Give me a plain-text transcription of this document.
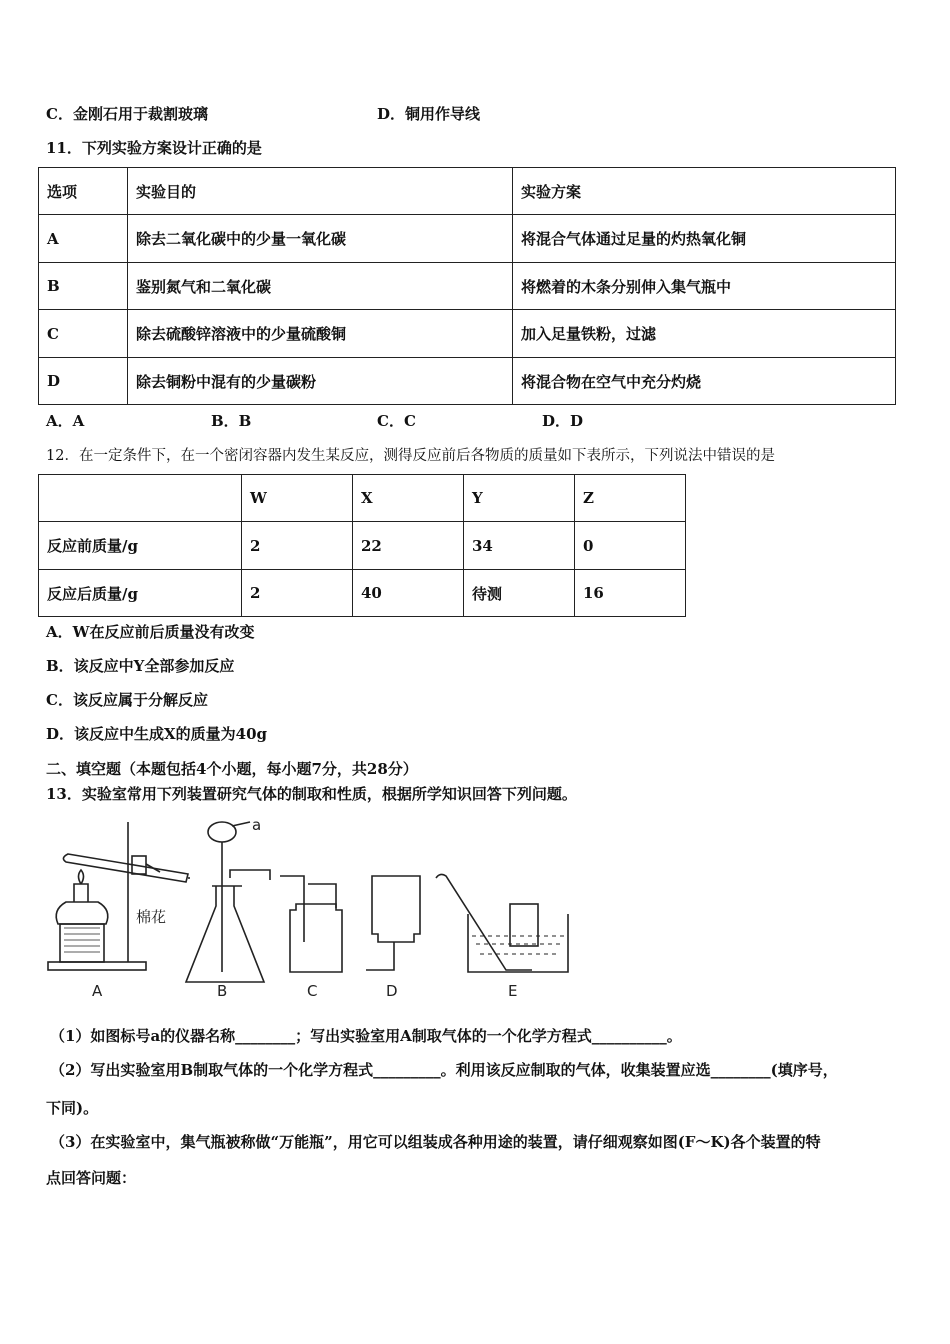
C．金刚石用于裁割玻璃	D．铜用作导线
11．下列实验方案设计正确的是
选项	实验目的	实验方案
A	除去二氧化碳中的少量一氧化碳	将混合气体通过足量的灼热氧化铜
B	鉴别氮气和二氧化碳	将燃着的木条分别伸入集气瓶中
C	除去硫酸锌溶液中的少量硫酸铜	加入足量铁粉，过滤
D	除去铜粉中混有的少量碳粉	将混合物在空气中充分灼烧
A．A	B．B	C．C	D．D
12．在一定条件下，在一个密闭容器内发生某反应，测得反应前后各物质的质量如下表所示，下列说法中错误的是
	W	X	Y	Z
反应前质量/g	2	22	34	0
反应后质量/g	2	40	待测	16
A．W在反应前后质量没有改变
B．该反应中Y全部参加反应
C．该反应属于分解反应
D．该反应中生成X的质量为40g
二、填空题（本题包括4个小题，每小题7分，共28分）
13．实验室常用下列装置研究气体的制取和性质，根据所学知识回答下列问题。
棉花
a
A	B	C	D	E
（1）如图标号a的仪器名称________；写出实验室用A制取气体的一个化学方程式__________。
（2）写出实验室用B制取气体的一个化学方程式_________。利用该反应制取的气体，收集装置应选________(填序号，
下同)。
（3）在实验室中，集气瓶被称做“万能瓶”，用它可以组装成各种用途的装置，请仔细观察如图(F～K)各个装置的特
点回答问题：
